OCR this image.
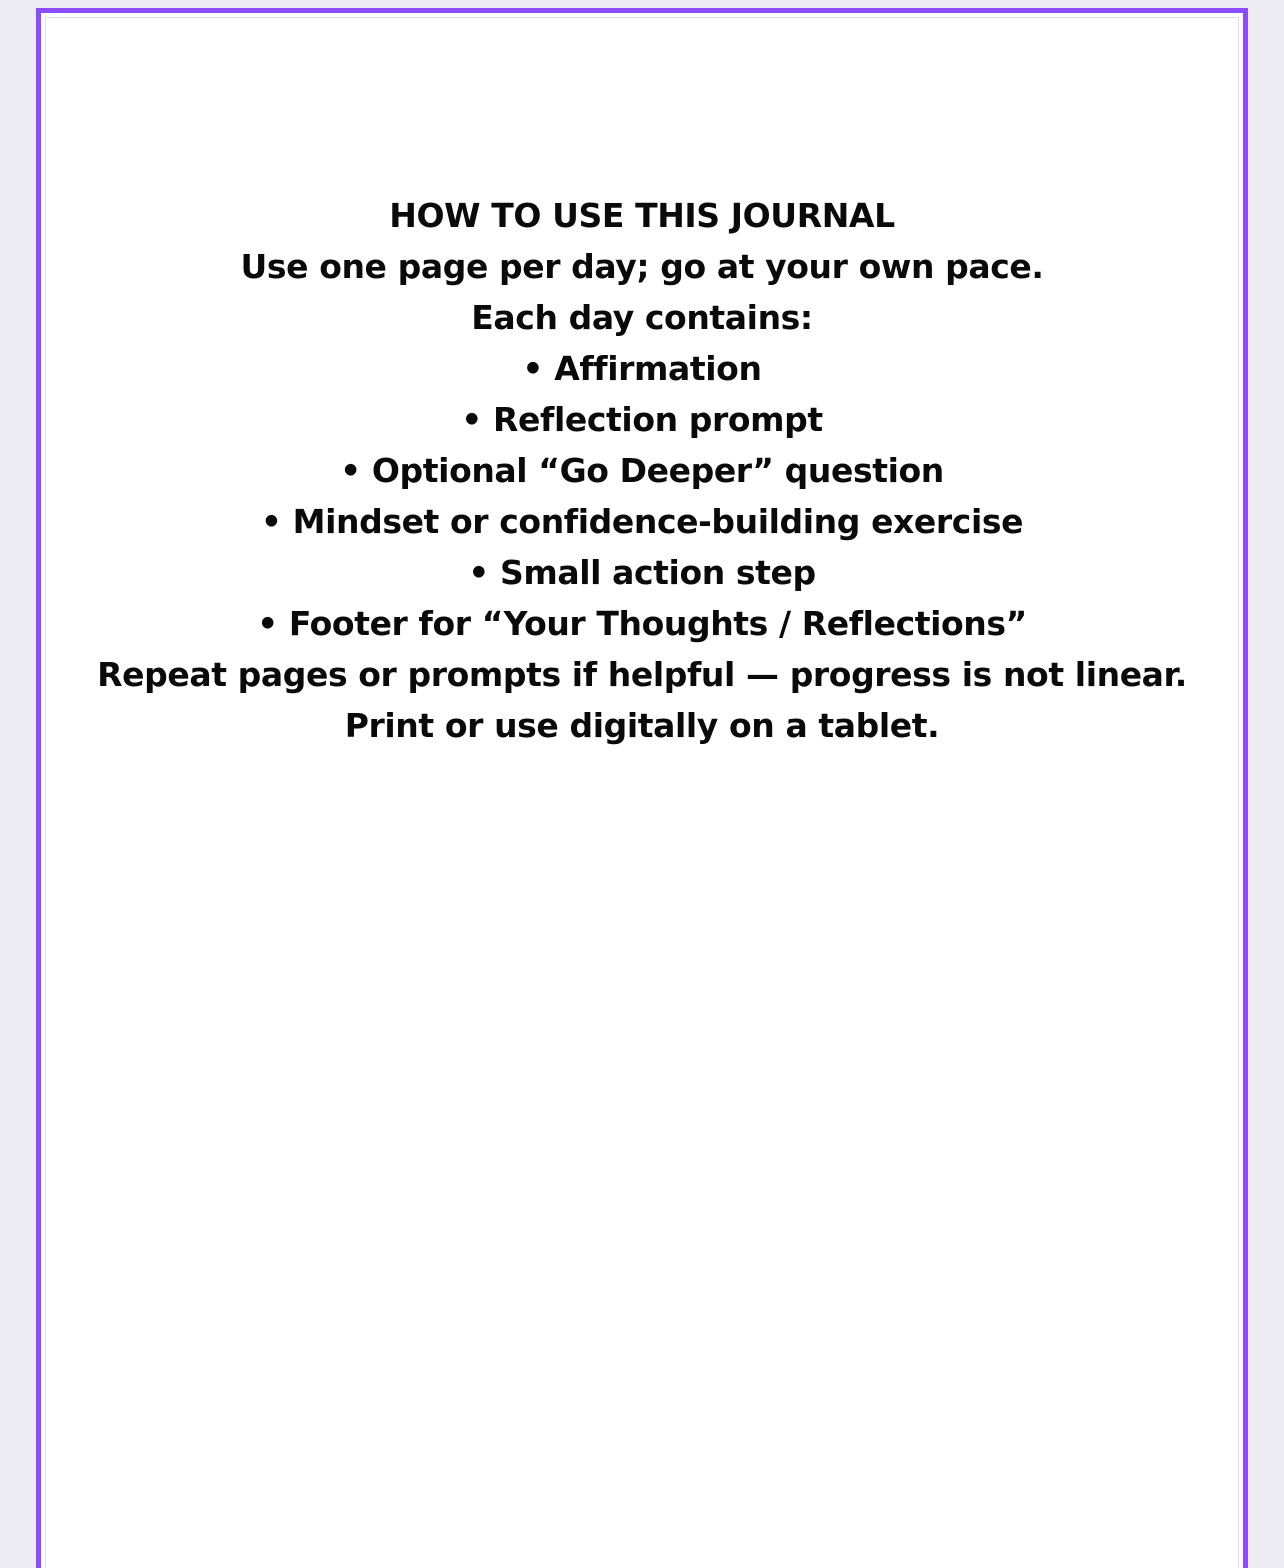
HOW TO USE THIS JOURNAL
Use one page per day; go at your own pace.
Each day contains:
• Affirmation
• Reflection prompt
• Optional “Go Deeper” question
• Mindset or confidence-building exercise
• Small action step
• Footer for “Your Thoughts / Reflections”
Repeat pages or prompts if helpful — progress is not linear.
Print or use digitally on a tablet.
